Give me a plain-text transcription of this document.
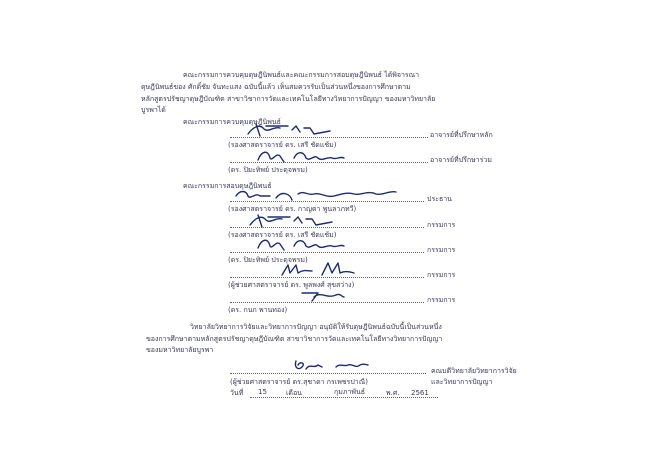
คณะกรรมการควบคุมดุษฎีนิพนธ์และคณะกรรมการสอบดุษฎีนิพนธ์ ได้พิจารณา
ดุษฎีนิพนธ์ของ ศักดิ์ชัย จันทะแสง ฉบับนี้แล้ว เห็นสมควรรับเป็นส่วนหนึ่งของการศึกษาตาม
หลักสูตรปรัชญาดุษฎีบัณฑิต สาขาวิชาการวัดและเทคโนโลยีทางวิทยาการปัญญา ของมหาวิทยาลัย
บูรพาได้
คณะกรรมการควบคุมดุษฎีนิพนธ์
อาจารย์ที่ปรึกษาหลัก
(รองศาสตราจารย์ ดร. เสรี ชัดแช้ม)
อาจารย์ที่ปรึกษาร่วม
(ดร. ปิยะทิพย์ ประดุจพรม)
คณะกรรมการสอบดุษฎีนิพนธ์
ประธาน
(รองศาสตราจารย์ ดร. กาญดา พูนลาภทวี)
กรรมการ
(รองศาสตราจารย์ ดร. เสรี ชัดแช้ม)
กรรมการ
(ดร. ปิยะทิพย์ ประดุจพรม)
กรรมการ
(ผู้ช่วยศาสตราจารย์ ดร. พูลพงศ์ สุขสว่าง)
กรรมการ
(ดร. กนก พานทอง)
วิทยาลัยวิทยาการวิจัยและวิทยาการปัญญา อนุมัติให้รับดุษฎีนิพนธ์ฉบับนี้เป็นส่วนหนึ่ง
ของการศึกษาตามหลักสูตรปรัชญาดุษฎีบัณฑิต สาขาวิชาการวัดและเทคโนโลยีทางวิทยาการปัญญา
ของมหาวิทยาลัยบูรพา
คณบดีวิทยาลัยวิทยาการวิจัย
และวิทยาการปัญญา
(ผู้ช่วยศาสตราจารย์ ดร.สุชาดา กรเพชรปาณี)
วันที่ 15	เดือน	กุมภาพันธ์	พ.ศ. 2561
